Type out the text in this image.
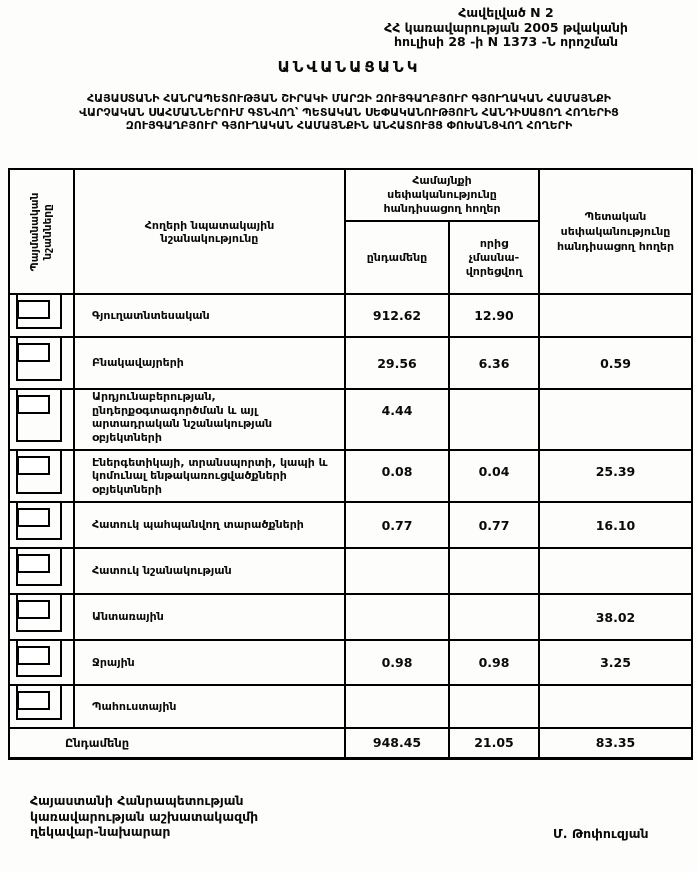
Հավելված N 2
ՀՀ կառավարության 2005 թվականի
հուլիսի 28 -ի N 1373 -Ն որոշման
ԱՆՎԱՆԱՑԱՆԿ
ՀԱՅԱՍՏԱՆԻ ՀԱՆՐԱՊԵՏՈՒԹՅԱՆ ՇԻՐԱԿԻ ՄԱՐԶԻ ԶՈՒՅԳԱՂԲՅՈՒՐ ԳՅՈՒՂԱԿԱՆ ՀԱՄԱՅՆՔԻ
ՎԱՐՉԱԿԱՆ ՍԱՀՄԱՆՆԵՐՈՒՄ ԳՏՆՎՈՂ՝ ՊԵՏԱԿԱՆ ՍԵՓԱԿԱՆՈՒԹՅՈՒՆ ՀԱՆԴԻՍԱՑՈՂ ՀՈՂԵՐԻՑ
ԶՈՒՅԳԱՂԲՅՈՒՐ ԳՅՈՒՂԱԿԱՆ ՀԱՄԱՅՆՔԻՆ ԱՆՀԱՏՈՒՅՑ ՓՈԽԱՆՑՎՈՂ ՀՈՂԵՐԻ
Պայմանական նշանները	Հողերի նպատակային նշանակությունը	Համայնքի սեփականությունը հանդիսացող հողեր		Պետական սեփականությունը հանդիսացող հողեր
		ընդամենը	որից չմասնա-վորեցվող	

	Գյուղատնտեսական	912.62	12.90	

	Բնակավայրերի	29.56	6.36	0.59

	Արդյունաբերության, ընդերքօգտագործման և այլ արտադրական նշանակության օբյեկտների	4.44		

	Էներգետիկայի, տրանսպորտի, կապի և կոմունալ ենթակառուցվածքների օբյեկտների	0.08	0.04	25.39

	Հատուկ պահպանվող տարածքների	0.77	0.77	16.10

	Հատուկ նշանակության			

	Անտառային			38.02

	Ջրային	0.98	0.98	3.25

	Պահուստային			
Ընդամենը		948.45	21.05	83.35
Հայաստանի Հանրապետության
կառավարության աշխատակազմի
ղեկավար-նախարար	Մ. Թոփուզյան
